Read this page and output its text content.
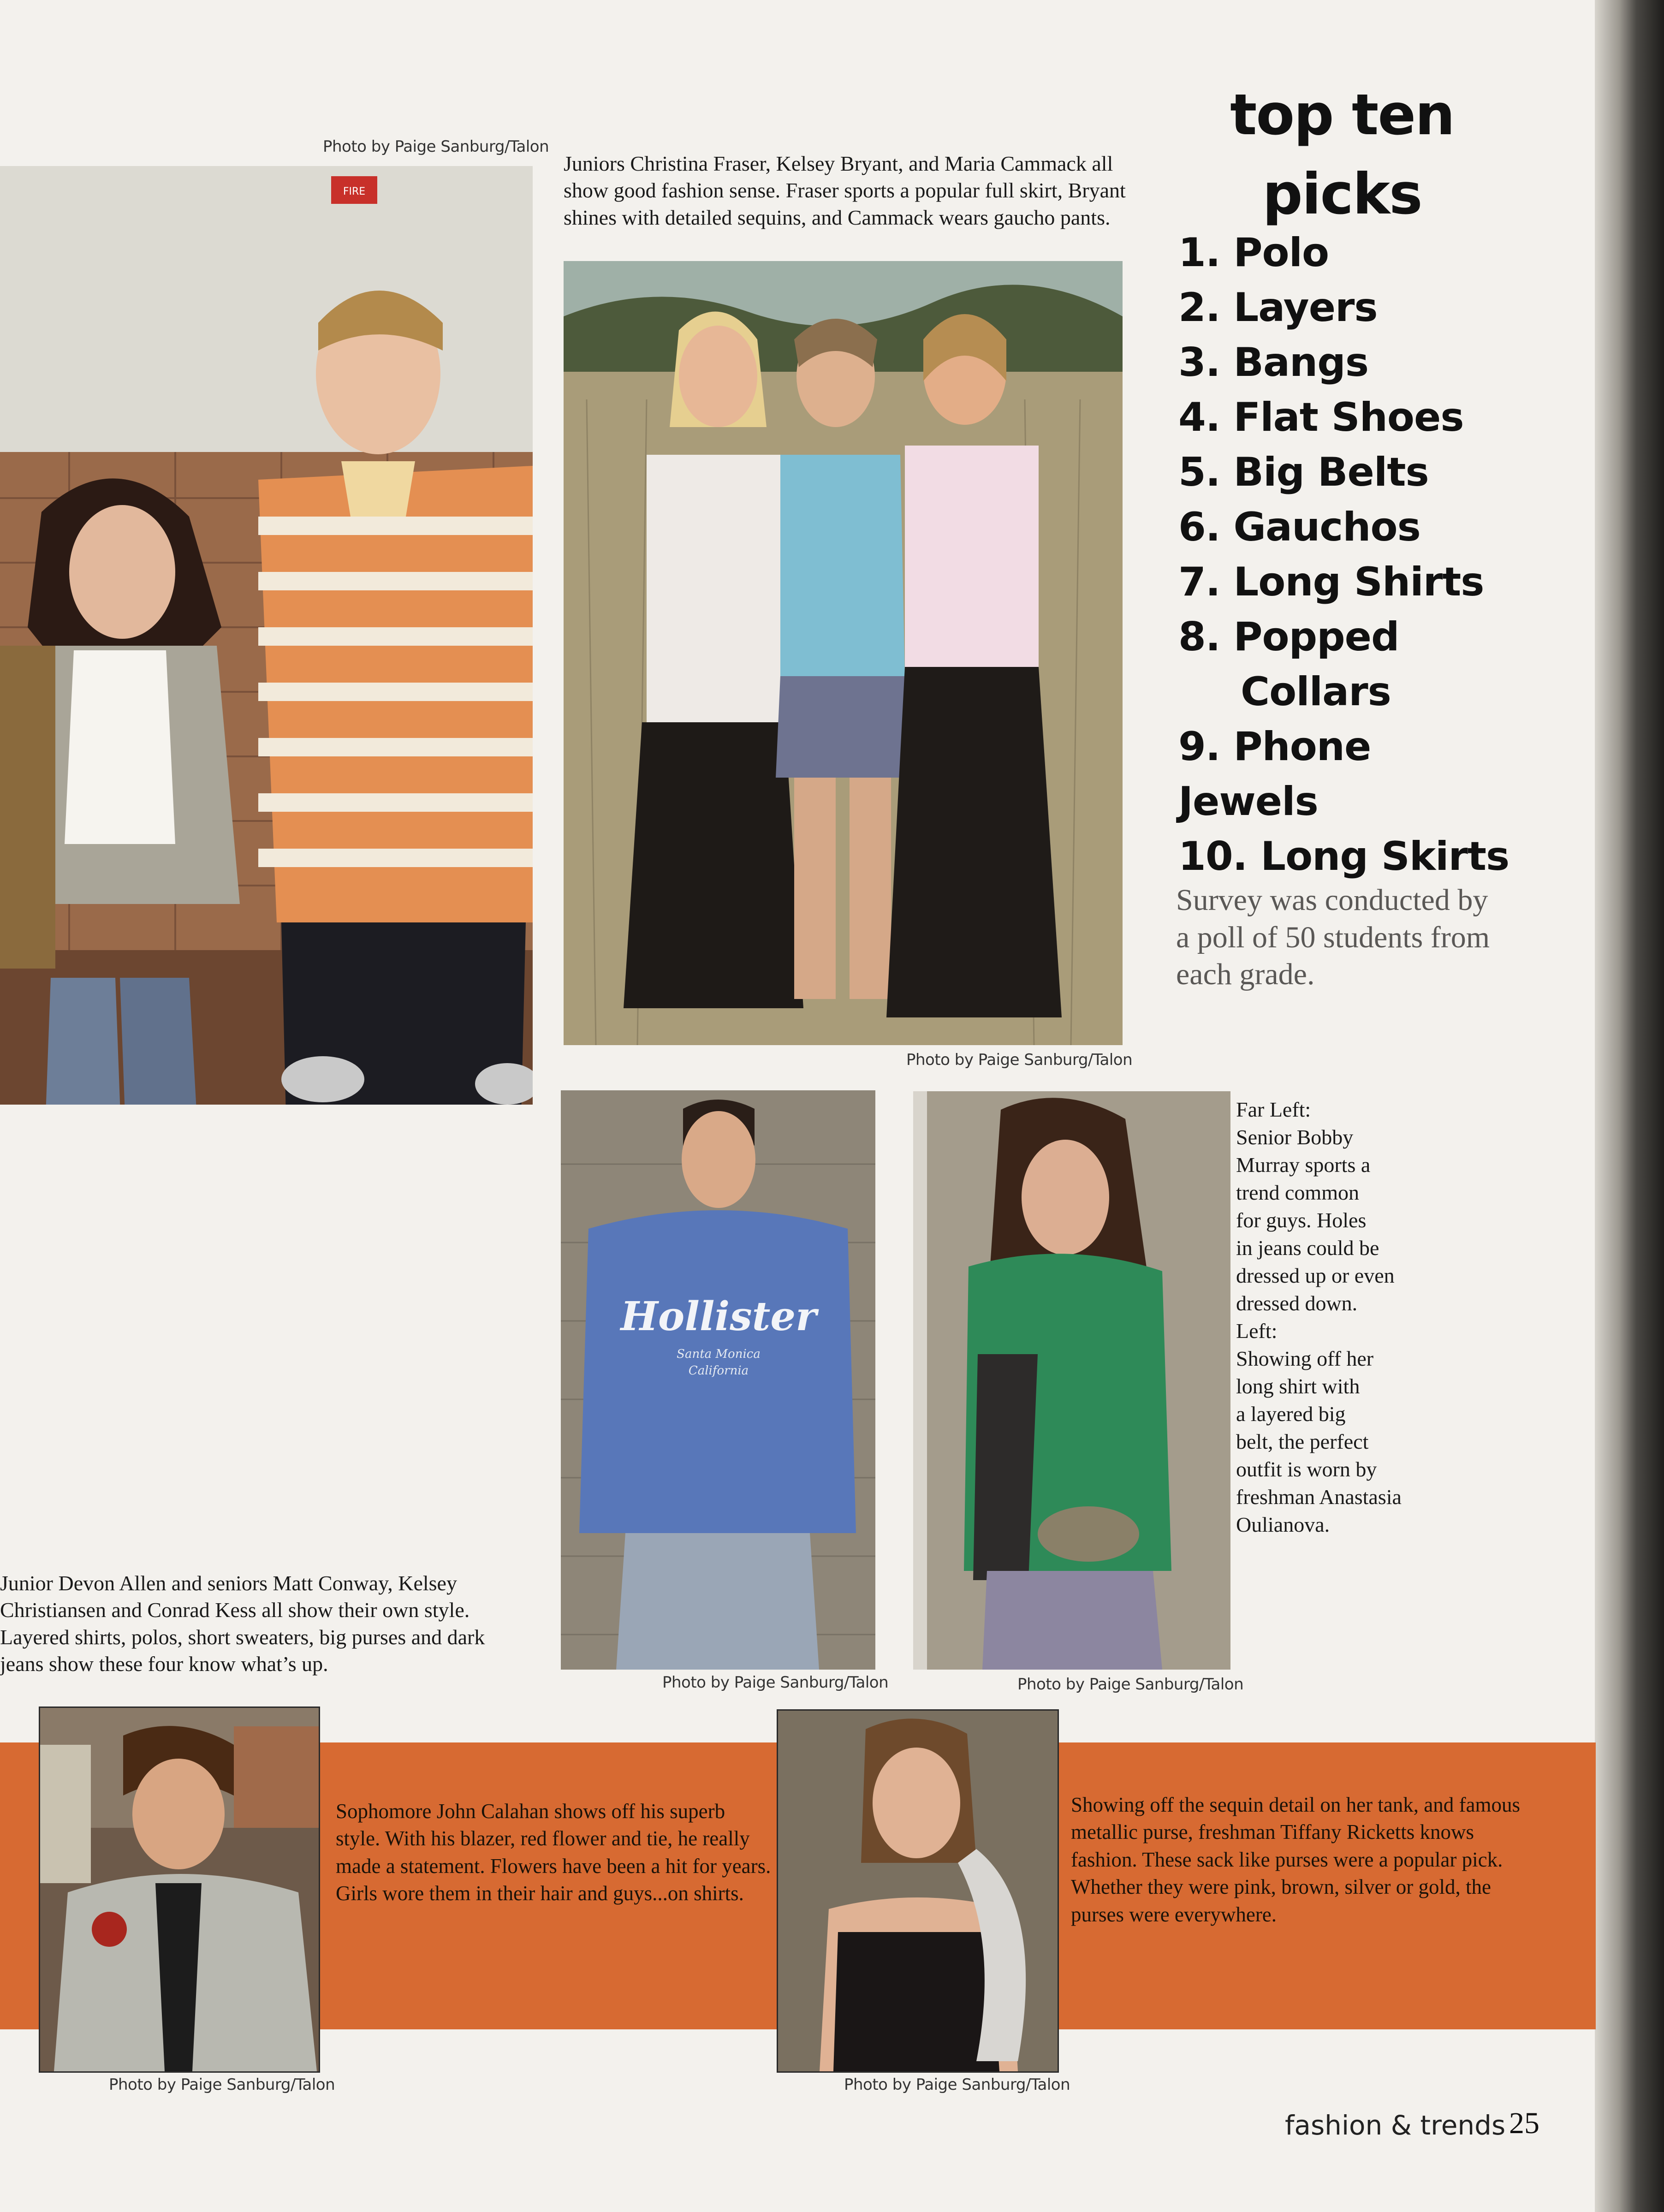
Photo by Paige Sanburg/Talon
FIRE

Junior Devon Allen and seniors Matt Conway, Kelsey

Christiansen and Conrad Kess all show their own style.

Layered shirts, polos, short sweaters, big purses and dark

jeans show these four know what’s up.

Juniors Christina Fraser, Kelsey Bryant, and Maria Cammack all show good fashion sense. Fraser sports a popular full skirt, Bryant shines with detailed sequins, and Cammack wears gaucho pants.
Photo by Paige Sanburg/Talon
top ten
picks
1. Polo
2. Layers
3. Bangs
4. Flat Shoes
5. Big Belts
6. Gauchos
7. Long Shirts
8. Popped
Collars
9. Phone
Jewels
10. Long Skirts
Survey was conducted by
a poll of 50 students from
each grade.
Hollister
Santa Monica
California
Photo by Paige Sanburg/Talon	Photo by Paige Sanburg/Talon

Far Left:

Senior Bobby

Murray sports a

trend common

for guys. Holes

in jeans could be

dressed up or even

dressed down.

Left:

Showing off her

long shirt with

a layered big

belt, the perfect

outfit is worn by

freshman Anastasia

Oulianova.

Sophomore John Calahan shows off his superb style. With his blazer, red flower and tie, he really made a statement. Flowers have been a hit for years. Girls wore them in their hair and guys...on shirts.
Photo by Paige Sanburg/Talon
Showing off the sequin detail on her tank, and famous metallic purse, freshman Tiffany Ricketts knows fashion. These sack like purses were a popular pick. Whether they were pink, brown, silver or gold, the purses were everywhere.
Photo by Paige Sanburg/Talon
fashion & trends 25
